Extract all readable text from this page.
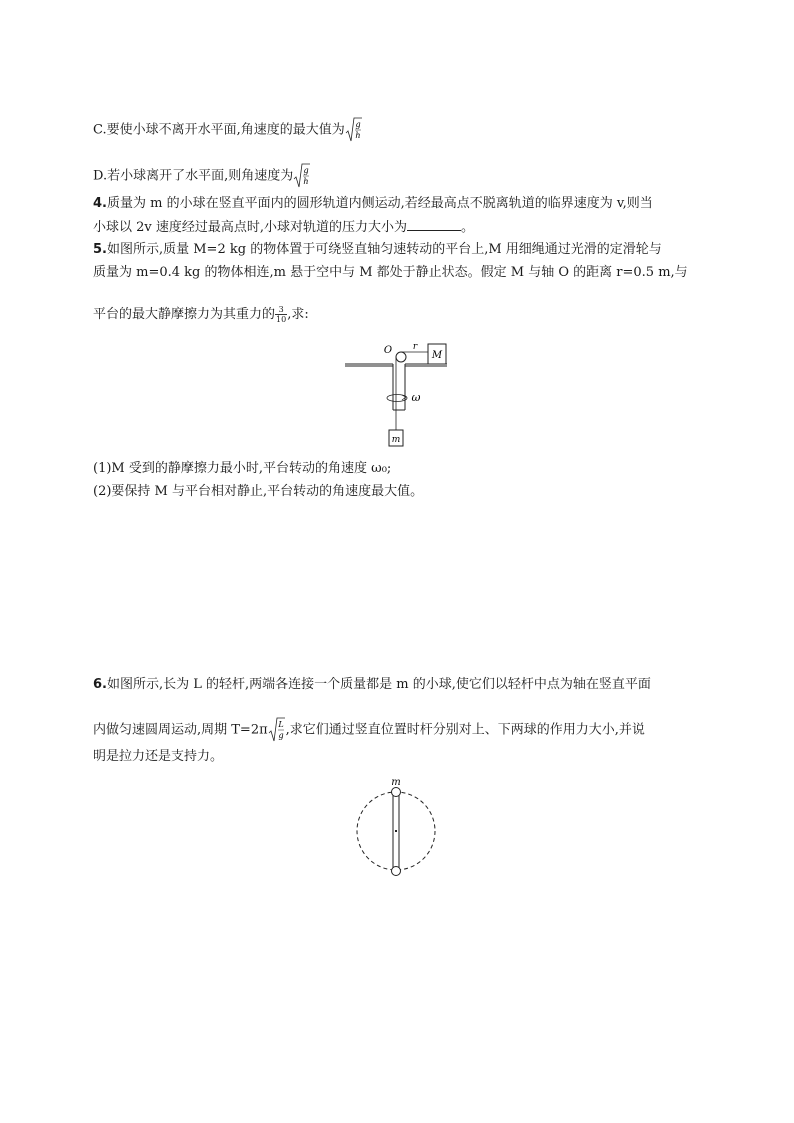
C.要使小球不离开水平面,角速度的最大值为 g
h
D.若小球离开了水平面,则角速度为 g
h
4.质量为 m 的小球在竖直平面内的圆形轨道内侧运动,若经最高点不脱离轨道的临界速度为 v,则当
小球以 2v 速度经过最高点时,小球对轨道的压力大小为	。
5.如图所示,质量 M=2 kg 的物体置于可绕竖直轴匀速转动的平台上,M 用细绳通过光滑的定滑轮与
质量为 m=0.4 kg 的物体相连,m 悬于空中与 M 都处于静止状态。假定 M 与轴 O 的距离 r=0.5 m,与
平台的最大静摩擦力为其重力的 $\frac{3}{10}$ ,求:
M
O r
ω
m
(1)M 受到的静摩擦力最小时,平台转动的角速度 ω₀;
(2)要保持 M 与平台相对静止,平台转动的角速度最大值。
6.如图所示,长为 L 的轻杆,两端各连接一个质量都是 m 的小球,使它们以轻杆中点为轴在竖直平面
内做匀速圆周运动,周期 T=2π L
g ,求它们通过竖直位置时杆分别对上、下两球的作用力大小,并说
明是拉力还是支持力。
m
